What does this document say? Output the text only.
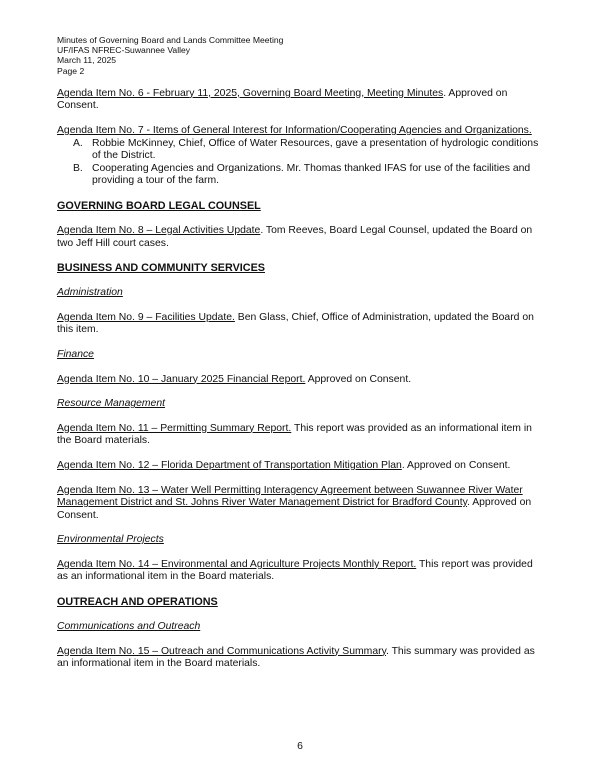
Minutes of Governing Board and Lands Committee Meeting
UF/IFAS NFREC-Suwannee Valley
March 11, 2025
Page 2

Agenda Item No. 6 - February 11, 2025, Governing Board Meeting, Meeting Minutes. Approved on Consent.

Agenda Item No. 7 - Items of General Interest for Information/Cooperating Agencies and Organizations.

A. Robbie McKinney, Chief, Office of Water Resources, gave a presentation of hydrologic conditions of the District.
B. Cooperating Agencies and Organizations. Mr. Thomas thanked IFAS for use of the facilities and providing a tour of the farm.
GOVERNING BOARD LEGAL COUNSEL

Agenda Item No. 8 – Legal Activities Update. Tom Reeves, Board Legal Counsel, updated the Board on two Jeff Hill court cases.

BUSINESS AND COMMUNITY SERVICES
Administration

Agenda Item No. 9 – Facilities Update. Ben Glass, Chief, Office of Administration, updated the Board on this item.

Finance

Agenda Item No. 10 – January 2025 Financial Report. Approved on Consent.

Resource Management

Agenda Item No. 11 – Permitting Summary Report. This report was provided as an informational item in the Board materials.

Agenda Item No. 12 – Florida Department of Transportation Mitigation Plan. Approved on Consent.

Agenda Item No. 13 – Water Well Permitting Interagency Agreement between Suwannee River Water Management District and St. Johns River Water Management District for Bradford County. Approved on Consent.

Environmental Projects

Agenda Item No. 14 – Environmental and Agriculture Projects Monthly Report. This report was provided as an informational item in the Board materials.

OUTREACH AND OPERATIONS
Communications and Outreach

Agenda Item No. 15 – Outreach and Communications Activity Summary. This summary was provided as an informational item in the Board materials.

6
